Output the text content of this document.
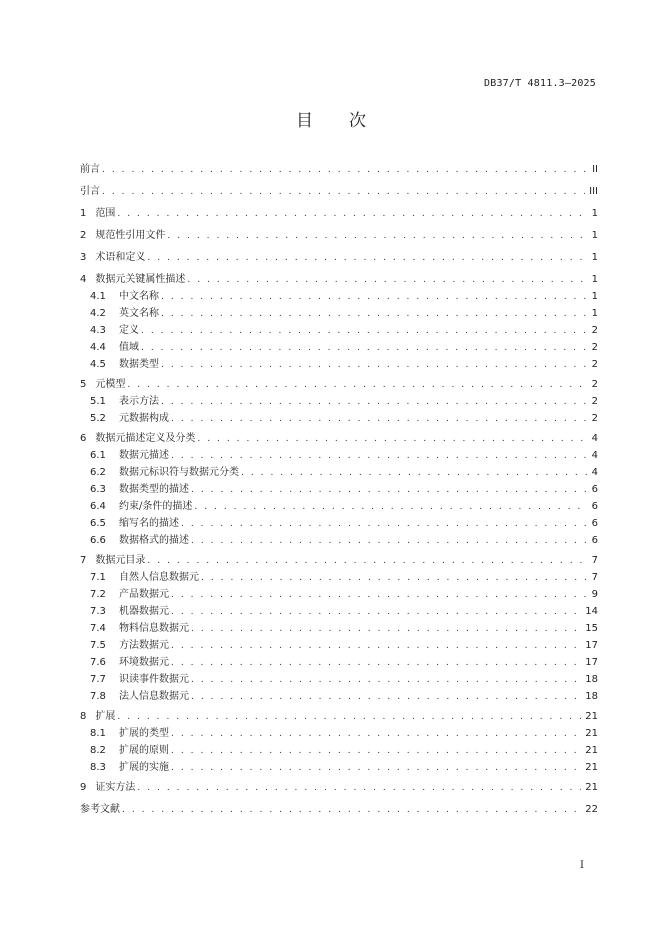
DB37/T 4811.3—2025
目 次
前言 . . .	II
引言 . . .	III
1 范围 . . .	1
2 规范性引用文件 . . .	1
3 术语和定义 . . .	1
4 数据元关键属性描述 . . .	1
4.1	中文名称 . . .	1
4.2	英文名称 . . .	1
4.3	定义 . . .	2
4.4	值域 . . .	2
4.5	数据类型 . . .	2
5 元模型 . . .	2
5.1	表示方法 . . .	2
5.2	元数据构成 . . .	2
6 数据元描述定义及分类 . . .	4
6.1	数据元描述 . . .	4
6.2	数据元标识符与数据元分类 . . .	4
6.3	数据类型的描述 . . .	6
6.4	约束/条件的描述 . . .	6
6.5	缩写名的描述 . . .	6
6.6	数据格式的描述 . . .	6
7 数据元目录 . . .	7
7.1	自然人信息数据元 . . .	7
7.2	产品数据元 . . .	9
7.3	机器数据元 . . .	14
7.4	物料信息数据元 . . .	15
7.5	方法数据元 . . .	17
7.6	环境数据元 . . .	17
7.7	识读事件数据元 . . .	18
7.8	法人信息数据元 . . .	18
8 扩展 . . .	21
8.1	扩展的类型 . . .	21
8.2	扩展的原则 . . .	21
8.3	扩展的实施 . . .	21
9 证实方法 . . .	21
参考文献 . . .	22
I
